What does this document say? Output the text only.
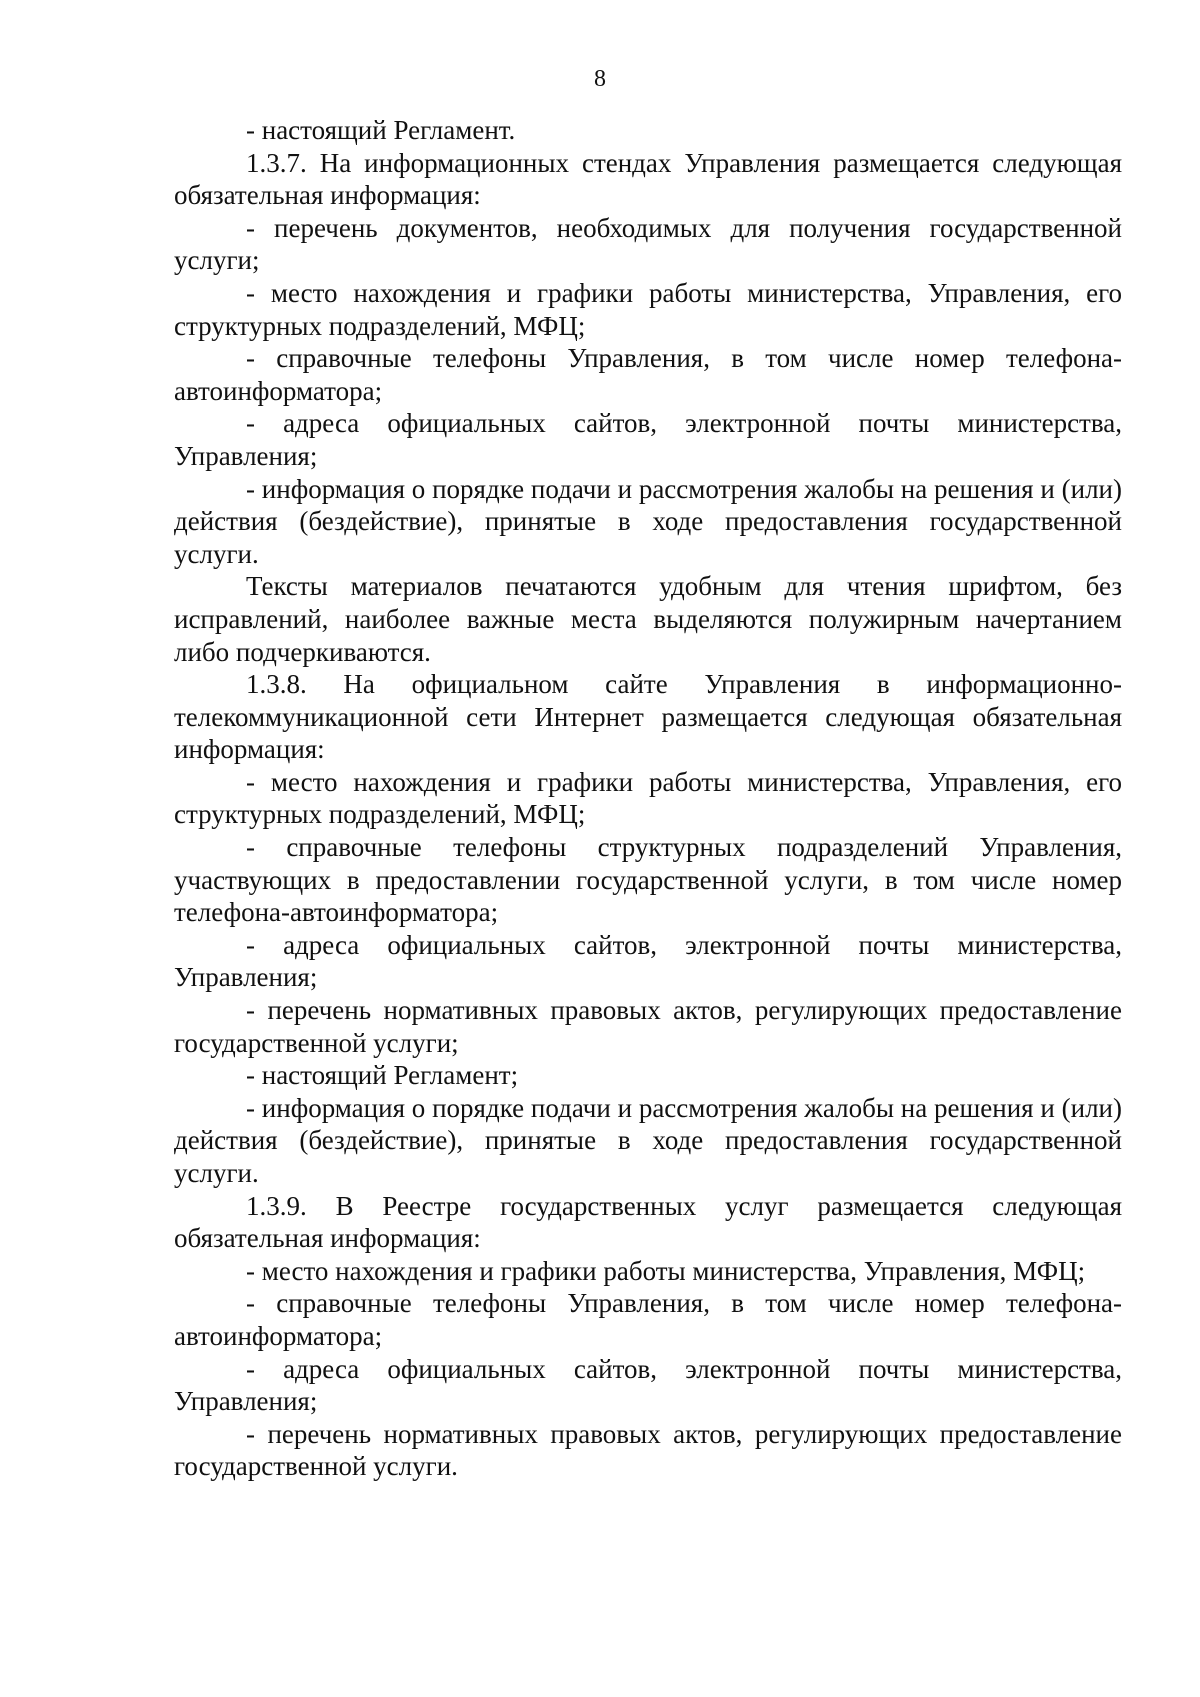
8

- настоящий Регламент.

1.3.7. На информационных стендах Управления размещается следующая обязательная информация:

- перечень документов, необходимых для получения государственной услуги;

- место нахождения и графики работы министерства, Управления, его структурных подразделений, МФЦ;

- справочные телефоны Управления, в том числе номер телефона-автоинформатора;

- адреса официальных сайтов, электронной почты министерства, Управления;

- информация о порядке подачи и рассмотрения жалобы на решения и (или) действия (бездействие), принятые в ходе предоставления государственной услуги.

Тексты материалов печатаются удобным для чтения шрифтом, без исправлений, наиболее важные места выделяются полужирным начертанием либо подчеркиваются.

1.3.8. На официальном сайте Управления в информационно-телекоммуникационной сети Интернет размещается следующая обязательная информация:

- место нахождения и графики работы министерства, Управления, его структурных подразделений, МФЦ;

- справочные телефоны структурных подразделений Управления, участвующих в предоставлении государственной услуги, в том числе номер телефона-автоинформатора;

- адреса официальных сайтов, электронной почты министерства, Управления;

- перечень нормативных правовых актов, регулирующих предоставление государственной услуги;

- настоящий Регламент;

- информация о порядке подачи и рассмотрения жалобы на решения и (или) действия (бездействие), принятые в ходе предоставления государственной услуги.

1.3.9. В Реестре государственных услуг размещается следующая обязательная информация:

- место нахождения и графики работы министерства, Управления, МФЦ;

- справочные телефоны Управления, в том числе номер телефона-автоинформатора;

- адреса официальных сайтов, электронной почты министерства, Управления;

- перечень нормативных правовых актов, регулирующих предоставление государственной услуги.
